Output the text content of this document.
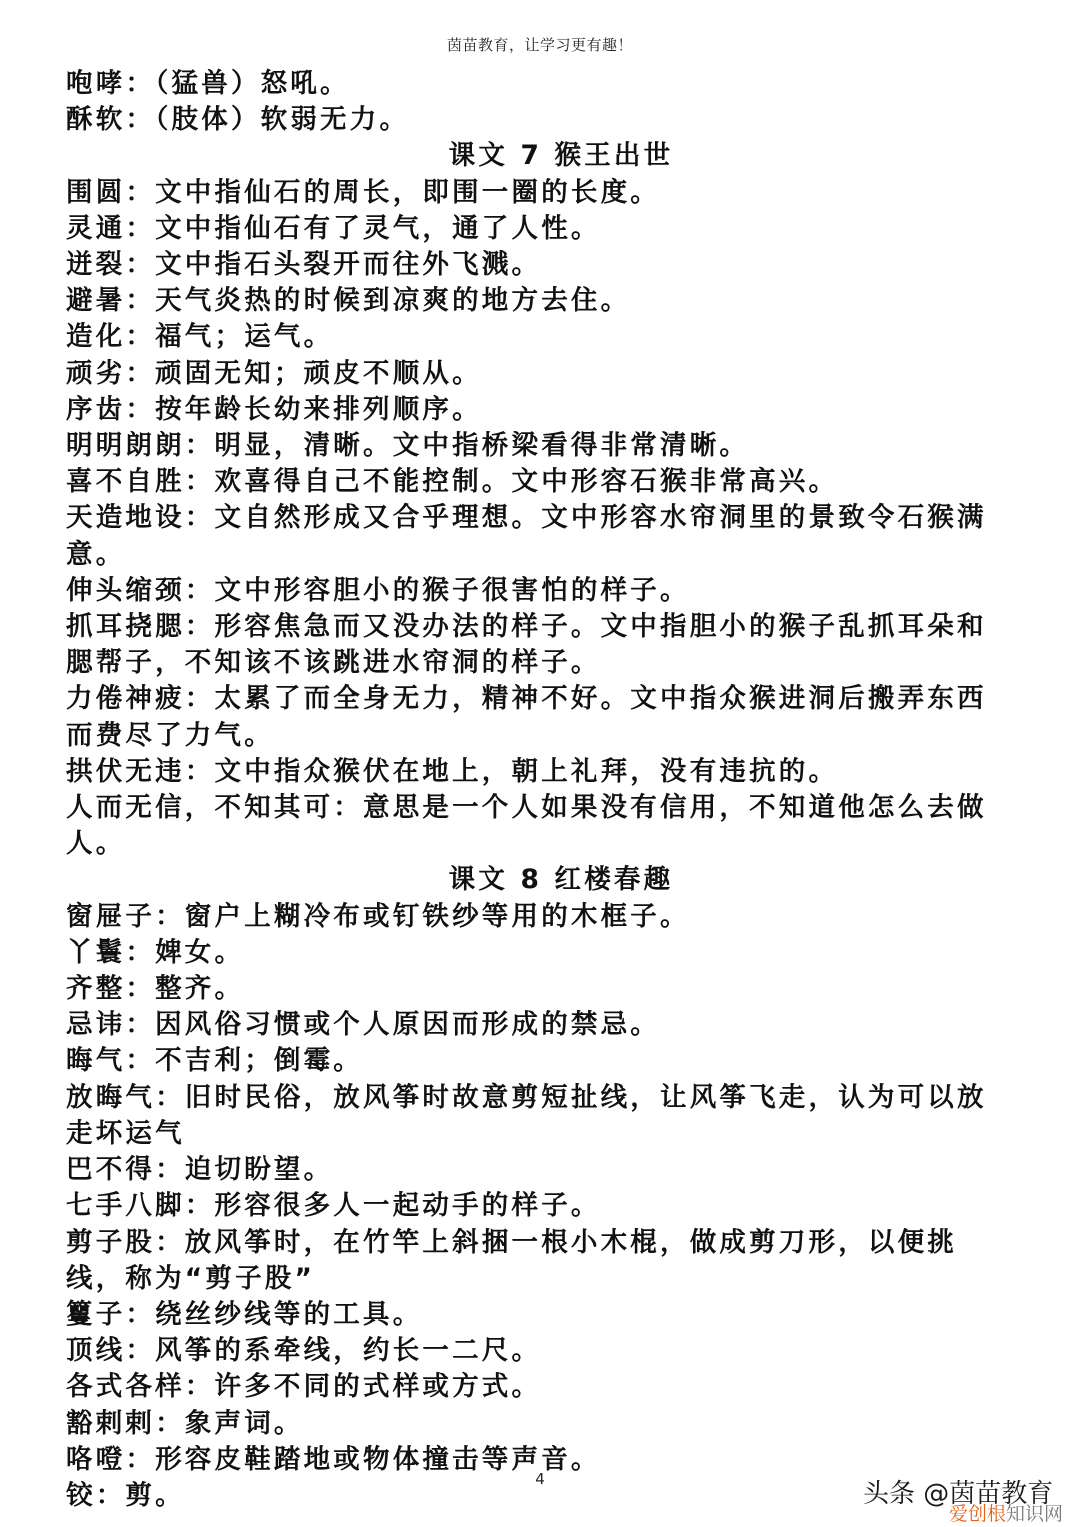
茵苗教育，让学习更有趣！
咆哮：（猛兽）怒吼。
酥软：（肢体）软弱无力。
课文 7 猴王出世
围圆：文中指仙石的周长，即围一圈的长度。
灵通：文中指仙石有了灵气，通了人性。
迸裂：文中指石头裂开而往外飞溅。
避暑：天气炎热的时候到凉爽的地方去住。
造化：福气；运气。
顽劣：顽固无知；顽皮不顺从。
序齿：按年龄长幼来排列顺序。
明明朗朗：明显，清晰。文中指桥梁看得非常清晰。
喜不自胜：欢喜得自己不能控制。文中形容石猴非常高兴。
天造地设：文自然形成又合乎理想。文中形容水帘洞里的景致令石猴满意。
伸头缩颈：文中形容胆小的猴子很害怕的样子。
抓耳挠腮：形容焦急而又没办法的样子。文中指胆小的猴子乱抓耳朵和腮帮子，不知该不该跳进水帘洞的样子。
力倦神疲：太累了而全身无力，精神不好。文中指众猴进洞后搬弄东西而费尽了力气。
拱伏无违：文中指众猴伏在地上，朝上礼拜，没有违抗的。
人而无信，不知其可：意思是一个人如果没有信用，不知道他怎么去做人。
课文 8 红楼春趣
窗屉子：窗户上糊冷布或钉铁纱等用的木框子。
丫鬟：婢女。
齐整：整齐。
忌讳：因风俗习惯或个人原因而形成的禁忌。
晦气：不吉利；倒霉。
放晦气：旧时民俗，放风筝时故意剪短扯线，让风筝飞走，认为可以放走坏运气
巴不得：迫切盼望。
七手八脚：形容很多人一起动手的样子。
剪子股：放风筝时，在竹竿上斜捆一根小木棍，做成剪刀形，以便挑线，称为“剪子股”
籰子：绕丝纱线等的工具。
顶线：风筝的系牵线，约长一二尺。
各式各样：许多不同的式样或方式。
豁剌剌：象声词。
咯噔：形容皮鞋踏地或物体撞击等声音。
铰：剪。
4	头条 @茵苗教育
爱创根知识网
